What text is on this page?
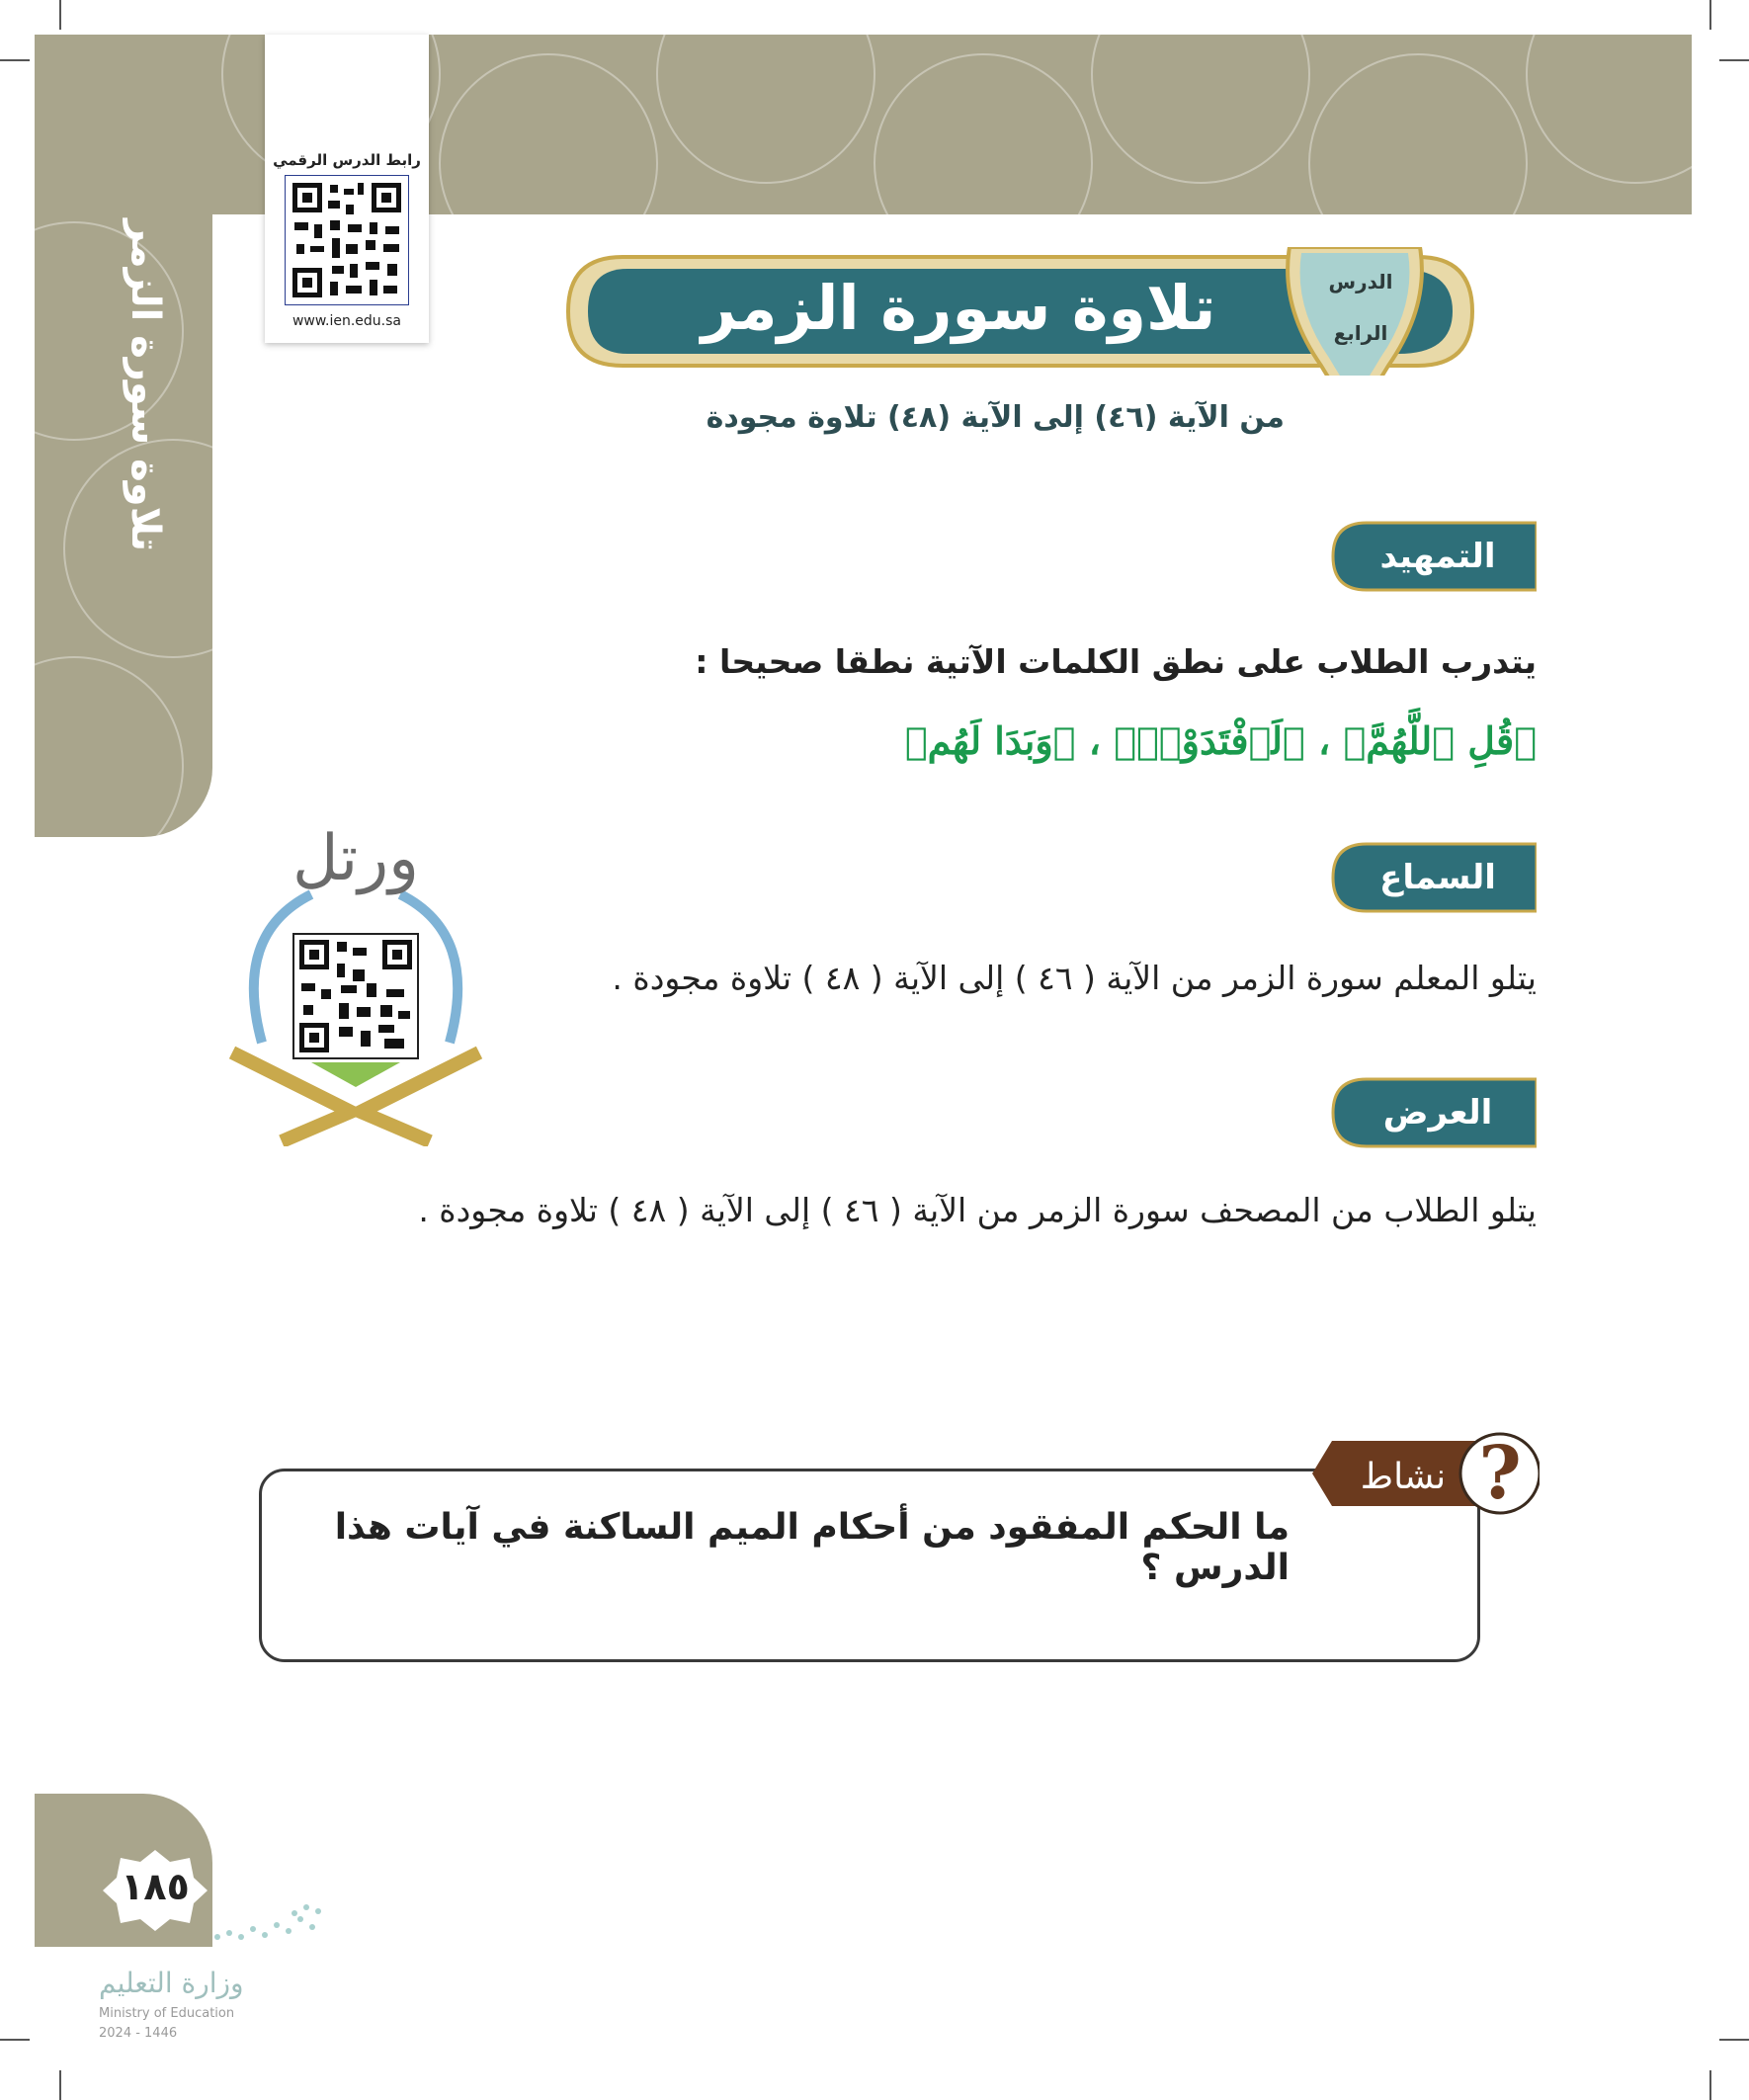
تلاوة سورة الزمر
رابط الدرس الرقمي
www.ien.edu.sa	تلاوة سورة الزمر	الدرس
الرابع
من الآية (٤٦) إلى الآية (٤٨) تلاوة مجودة
التمهيد
يتدرب الطلاب على نطق الكلمات الآتية نطقا صحيحا :
﴿قُلِ ٱللَّهُمَّ﴾ ، ﴿لَٱفْتَدَوْا۟﴾ ، ﴿وَبَدَا لَهُم﴾
ورتل	السماع
يتلو المعلم سورة الزمر من الآية ( ٤٦ ) إلى الآية ( ٤٨ ) تلاوة مجودة .
العرض
يتلو الطلاب من المصحف سورة الزمر من الآية ( ٤٦ ) إلى الآية ( ٤٨ ) تلاوة مجودة .
?
نشاط
ما الحكم المفقود من أحكام الميم الساكنة في آيات هذا الدرس ؟
١٨٥
وزارة التعليم
Ministry of Education
2024 - 1446
